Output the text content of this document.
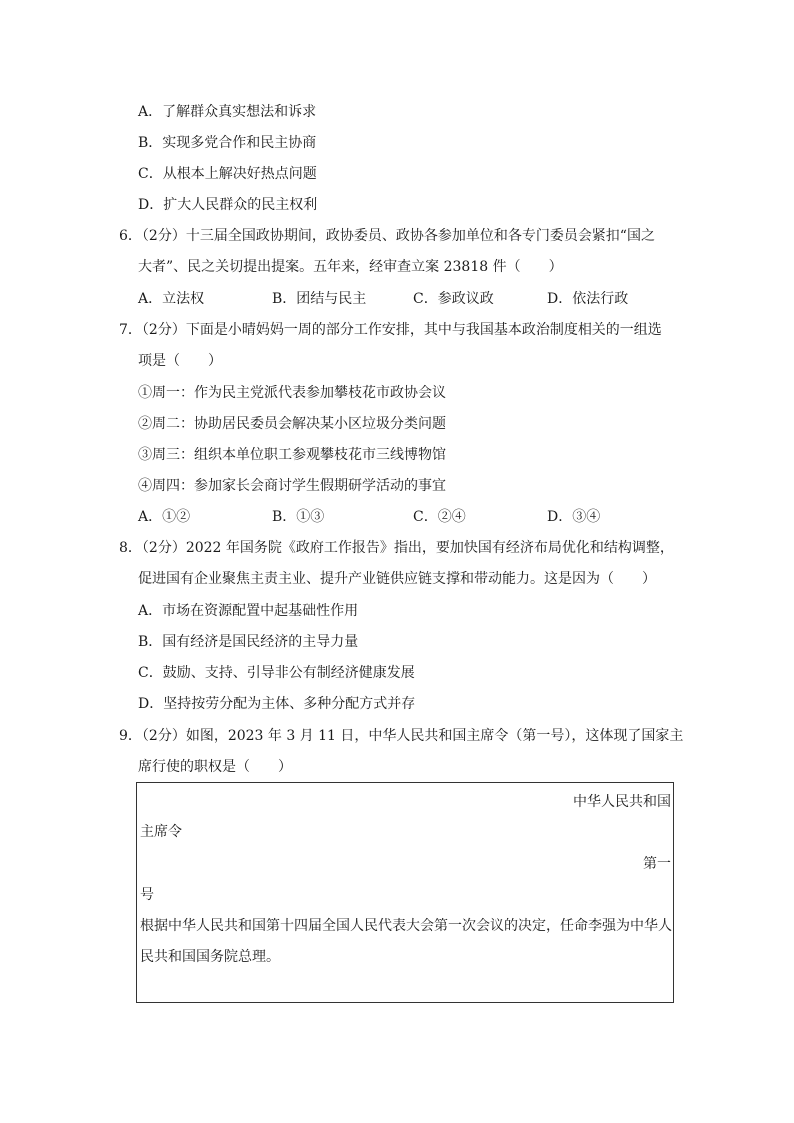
A．了解群众真实想法和诉求
B．实现多党合作和民主协商
C．从根本上解决好热点问题
D．扩大人民群众的民主权利
6．（2分）十三届全国政协期间，政协委员、政协各参加单位和各专门委员会紧扣“国之
大者”、民之关切提出提案。五年来，经审查立案 23818 件（　　）
A．立法权	B．团结与民主	C．参政议政	D．依法行政
7．（2分）下面是小晴妈妈一周的部分工作安排，其中与我国基本政治制度相关的一组选
项是（　　）
①周一：作为民主党派代表参加攀枝花市政协会议
②周二：协助居民委员会解决某小区垃圾分类问题
③周三：组织本单位职工参观攀枝花市三线博物馆
④周四：参加家长会商讨学生假期研学活动的事宜
A．①②	B．①③	C．②④	D．③④
8．（2分）2022 年国务院《政府工作报告》指出，要加快国有经济布局优化和结构调整，
促进国有企业聚焦主责主业、提升产业链供应链支撑和带动能力。这是因为（　　）
A．市场在资源配置中起基础性作用
B．国有经济是国民经济的主导力量
C．鼓励、支持、引导非公有制经济健康发展
D．坚持按劳分配为主体、多种分配方式并存
9．（2分）如图，2023 年 3 月 11 日，中华人民共和国主席令（第一号），这体现了国家主
席行使的职权是（　　）
中华人民共和国
主席令
第一
号
根据中华人民共和国第十四届全国人民代表大会第一次会议的决定，任命李强为中华人
民共和国国务院总理。
